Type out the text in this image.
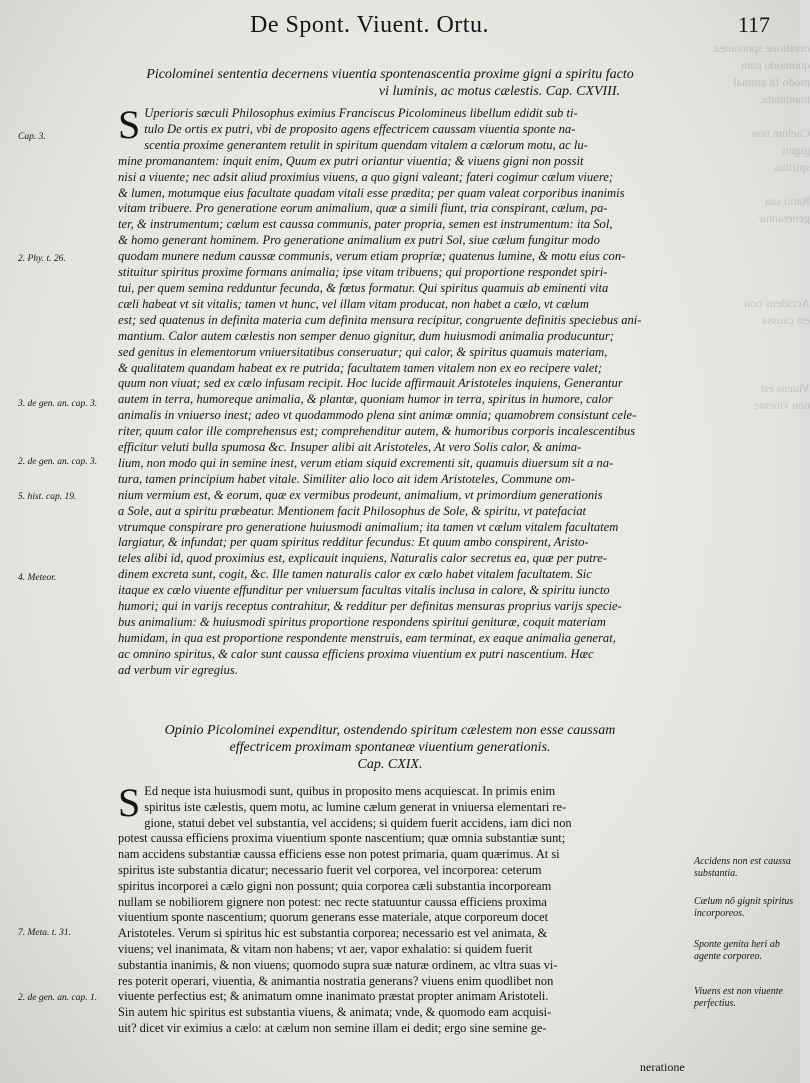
neratione spontanea.
quomodo nam
modo fit animal
inanimata.

Caelum non
gignit
spiritus

Ratio sua
generantur

Accidens non
est caussa

Viuens est
non viuente
De Spont. Viuent. Ortu.	117
Picolominei sententia decernens viuentia spontenascentia proxime gigni a spiritu facto

vi luminis, ac motus cælestis. Cap. CXVIII.
S Uperioris sæculi Philosophus eximius Franciscus Picolomineus libellum edidit sub ti-
tulo De ortis ex putri, vbi de proposito agens effectricem caussam viuentia sponte na-
scentia proxime generantem retulit in spiritum quendam vitalem a cælorum motu, ac lu-
mine promanantem: inquit enim, Quum ex putri oriantur viuentia; & viuens gigni non possit
nisi a viuente; nec adsit aliud proximius viuens, a quo gigni valeant; fateri cogimur cælum viuere;
& lumen, motumque eius facultate quadam vitali esse prædita; per quam valeat corporibus inanimis
vitam tribuere. Pro generatione eorum animalium, quæ a simili fiunt, tria conspirant, cælum, pa-
ter, & instrumentum; cælum est caussa communis, pater propria, semen est instrumentum: ita Sol,
& homo generant hominem. Pro generatione animalium ex putri Sol, siue cælum fungitur modo
quodam munere nedum caussæ communis, verum etiam propriæ; quatenus lumine, & motu eius con-
stituitur spiritus proxime formans animalia; ipse vitam tribuens; qui proportione respondet spiri-
tui, per quem semina redduntur fecunda, & fœtus formatur. Qui spiritus quamuis ab eminenti vita
cæli habeat vt sit vitalis; tamen vt hunc, vel illam vitam producat, non habet a cælo, vt cælum
est; sed quatenus in definita materia cum definita mensura recipitur, congruente definitis speciebus ani-
mantium. Calor autem cælestis non semper denuo gignitur, dum huiusmodi animalia producuntur;
sed genitus in elementorum vniuersitatibus conseruatur; qui calor, & spiritus quamuis materiam,
& qualitatem quandam habeat ex re putrida; facultatem tamen vitalem non ex eo recipere valet;
quum non viuat; sed ex cælo infusam recipit. Hoc lucide affirmauit Aristoteles inquiens, Generantur
autem in terra, humoreque animalia, & plantæ, quoniam humor in terra, spiritus in humore, calor
animalis in vniuerso inest; adeo vt quodammodo plena sint animæ omnia; quamobrem consistunt cele-
riter, quum calor ille comprehensus est; comprehenditur autem, & humoribus corporis incalescentibus
efficitur veluti bulla spumosa &c. Insuper alibi ait Aristoteles, At vero Solis calor, & anima-
lium, non modo qui in semine inest, verum etiam siquid excrementi sit, quamuis diuersum sit a na-
tura, tamen principium habet vitale. Similiter alio loco ait idem Aristoteles, Commune om-
nium vermium est, & eorum, quæ ex vermibus prodeunt, animalium, vt primordium generationis
a Sole, aut a spiritu præbeatur. Mentionem facit Philosophus de Sole, & spiritu, vt patefaciat
vtrumque conspirare pro generatione huiusmodi animalium; ita tamen vt cælum vitalem facultatem
largiatur, & infundat; per quam spiritus redditur fecundus: Et quum ambo conspirent, Aristo-
teles alibi id, quod proximius est, explicauit inquiens, Naturalis calor secretus ea, quæ per putre-
dinem excreta sunt, cogit, &c. Ille tamen naturalis calor ex cælo habet vitalem facultatem. Sic
itaque ex cælo viuente effunditur per vniuersum facultas vitalis inclusa in calore, & spiritu iuncto
humori; qui in varijs receptus contrahitur, & redditur per definitas mensuras proprius varijs specie-
bus animalium: & huiusmodi spiritus proportione respondens spiritui genituræ, coquit materiam
humidam, in qua est proportione respondente menstruis, eam terminat, ex eaque animalia generat,
ac omnino spiritus, & calor sunt caussa efficiens proxima viuentium ex putri nascentium. Hæc
ad verbum vir egregius.
Opinio Picolominei expenditur, ostendendo spiritum cælestem non esse caussam
effectricem proximam spontaneæ viuentium generationis.

Cap. CXIX.
S Ed neque ista huiusmodi sunt, quibus in proposito mens acquiescat. In primis enim
spiritus iste cælestis, quem motu, ac lumine cælum generat in vniuersa elementari re-
gione, statui debet vel substantia, vel accidens; si quidem fuerit accidens, iam dici non
potest caussa efficiens proxima viuentium sponte nascentium; quæ omnia substantiæ sunt;
nam accidens substantiæ caussa efficiens esse non potest primaria, quam quærimus. At si
spiritus iste substantia dicatur; necessario fuerit vel corporea, vel incorporea: ceterum
spiritus incorporei a cælo gigni non possunt; quia corporea cæli substantia incorpoream
nullam se nobiliorem gignere non potest: nec recte statuuntur caussa efficiens proxima
viuentium sponte nascentium; quorum generans esse materiale, atque corporeum docet
Aristoteles. Verum si spiritus hic est substantia corporea; necessario est vel animata, &
viuens; vel inanimata, & vitam non habens; vt aer, vapor exhalatio: si quidem fuerit
substantia inanimis, & non viuens; quomodo supra suæ naturæ ordinem, ac vltra suas vi-
res poterit operari, viuentia, & animantia nostratia generans? viuens enim quodlibet non
viuente perfectius est; & animatum omne inanimato præstat propter animam Aristoteli.
Sin autem hic spiritus est substantia viuens, & animata; vnde, & quomodo eam acquisi-
uit? dicet vir eximius a cælo: at cælum non semine illam ei dedit; ergo sine semine ge-
Cap. 3.
2. Phy. t. 26.
3. de gen. an. cap. 3.
2. de gen. an. cap. 3.
5. hist. cap. 19.
4. Meteor.
7. Meta. t. 31.
2. de gen. an. cap. 1.
Accidens non est caussa substantia.
Cælum nõ gignit spiritus incorporeos.
Sponte genita heri ab agente corporeo.
Viuens est non viuente perfectius.
neratione
